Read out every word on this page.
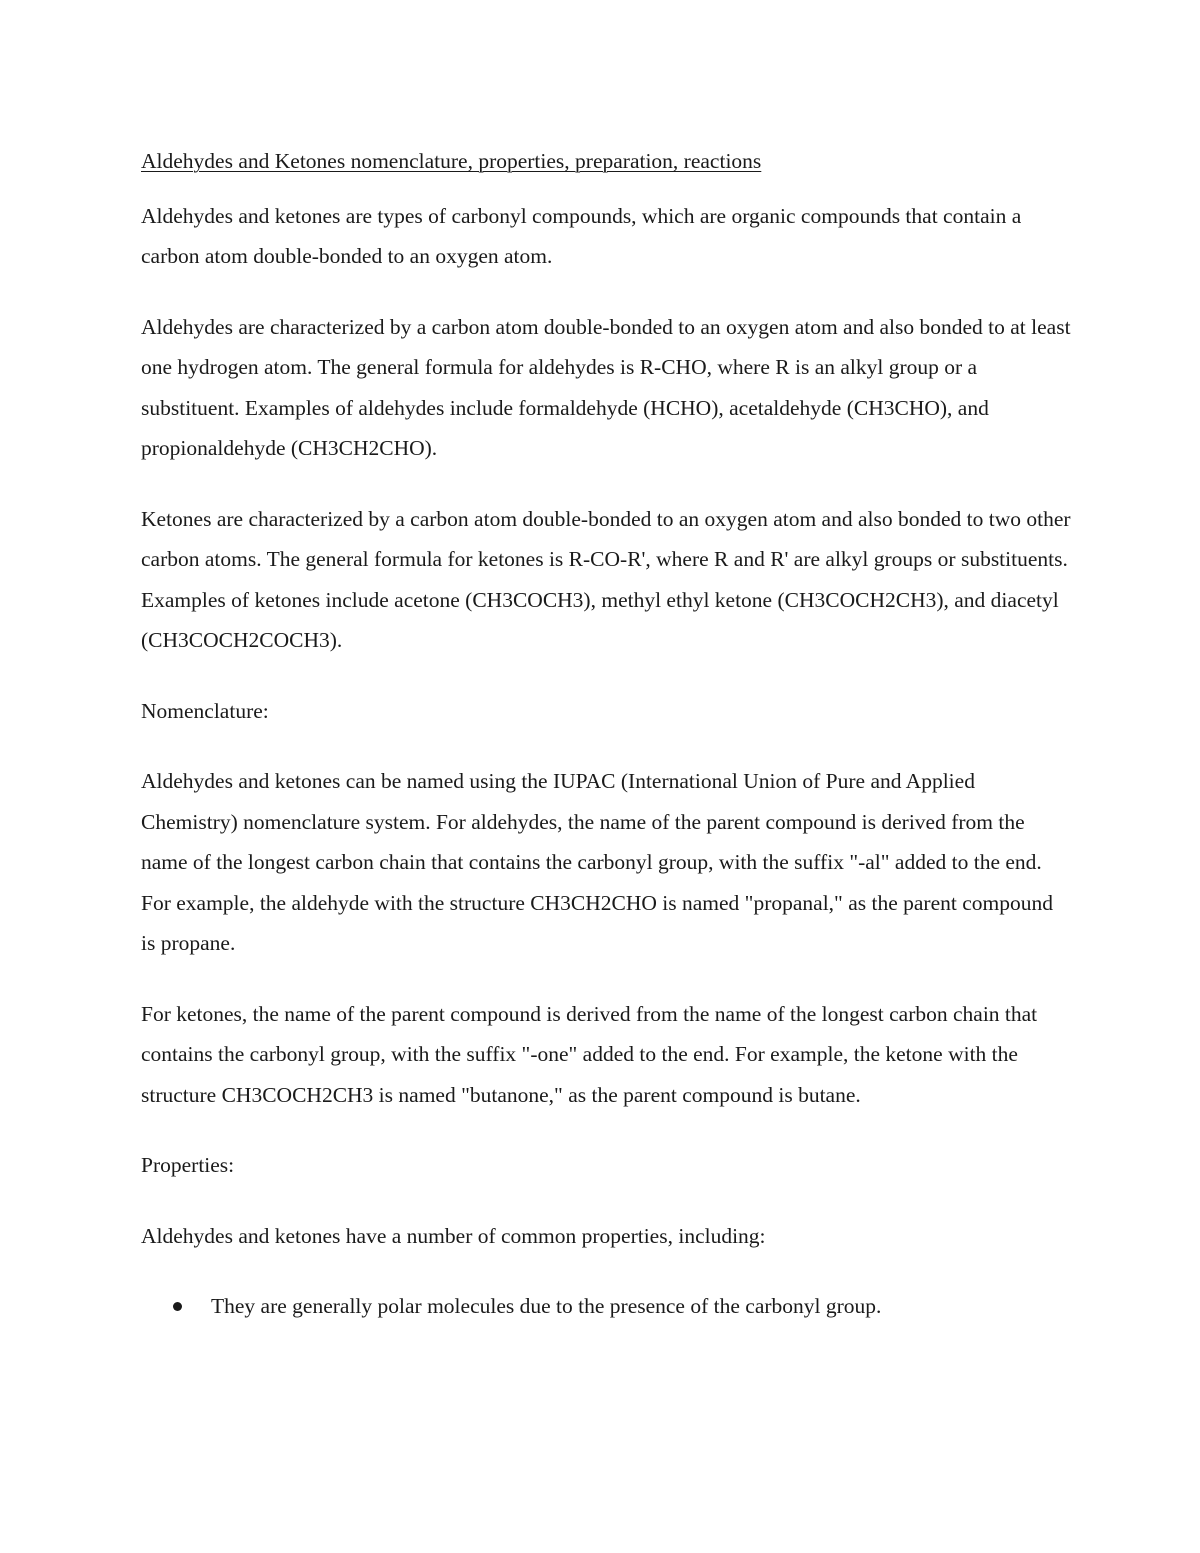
Aldehydes and Ketones nomenclature, properties, preparation, reactions

Aldehydes and ketones are types of carbonyl compounds, which are organic compounds that contain a carbon atom double-bonded to an oxygen atom.

Aldehydes are characterized by a carbon atom double-bonded to an oxygen atom and also bonded to at least one hydrogen atom. The general formula for aldehydes is R-CHO, where R is an alkyl group or a substituent. Examples of aldehydes include formaldehyde (HCHO), acetaldehyde (CH3CHO), and propionaldehyde (CH3CH2CHO).

Ketones are characterized by a carbon atom double-bonded to an oxygen atom and also bonded to two other carbon atoms. The general formula for ketones is R-CO-R', where R and R' are alkyl groups or substituents. Examples of ketones include acetone (CH3COCH3), methyl ethyl ketone (CH3COCH2CH3), and diacetyl (CH3COCH2COCH3).

Nomenclature:

Aldehydes and ketones can be named using the IUPAC (International Union of Pure and Applied Chemistry) nomenclature system. For aldehydes, the name of the parent compound is derived from the name of the longest carbon chain that contains the carbonyl group, with the suffix "-al" added to the end. For example, the aldehyde with the structure CH3CH2CHO is named "propanal," as the parent compound is propane.

For ketones, the name of the parent compound is derived from the name of the longest carbon chain that contains the carbonyl group, with the suffix "-one" added to the end. For example, the ketone with the structure CH3COCH2CH3 is named "butanone," as the parent compound is butane.

Properties:

Aldehydes and ketones have a number of common properties, including:

They are generally polar molecules due to the presence of the carbonyl group.
